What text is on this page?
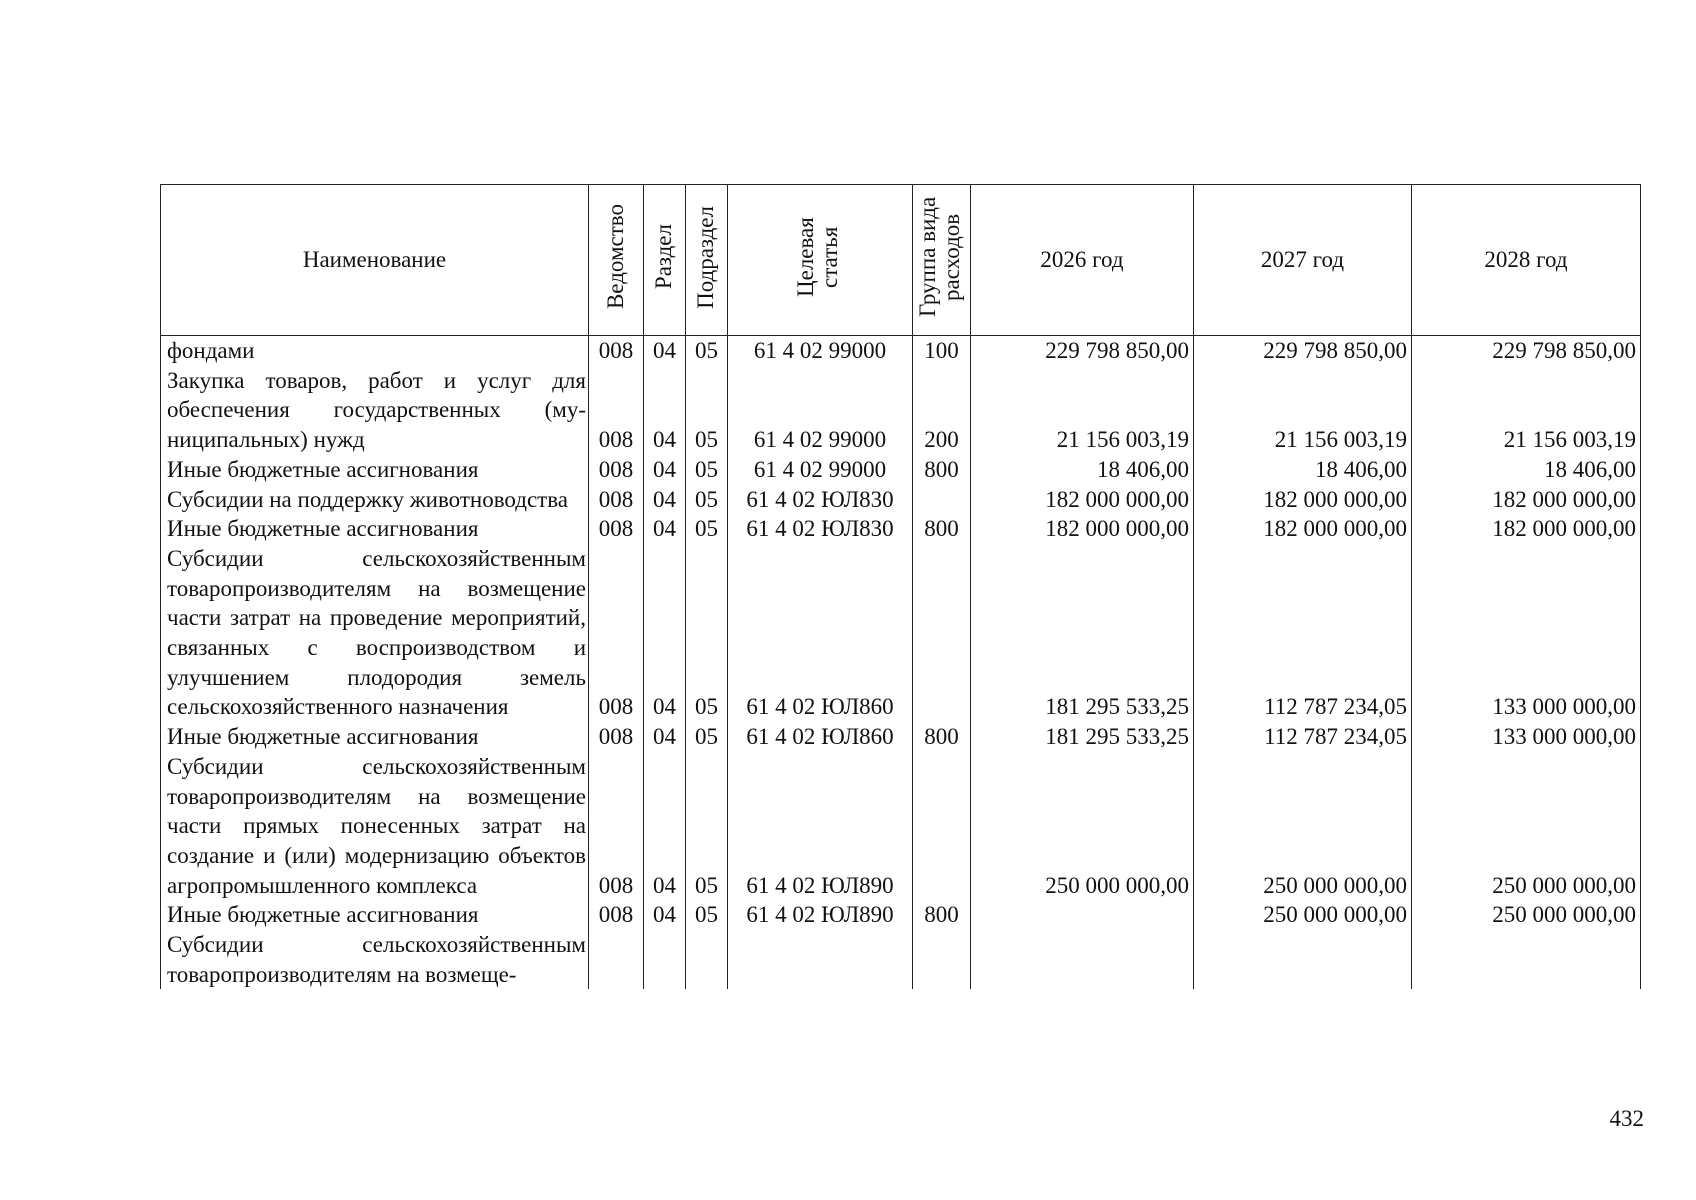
Наименование	Ведомство	Раздел	Подраздел	Целевая статья	Группа вида расходов	2026 год	2027 год	2028 год
фондами	008	04	05	61 4 02 99000	100	229 798 850,00	229 798 850,00	229 798 850,00
Закупка товаров, работ и услуг для обеспечения государственных (муниципальных) нужд	008	04	05	61 4 02 99000	200	21 156 003,19	21 156 003,19	21 156 003,19
Иные бюджетные ассигнования	008	04	05	61 4 02 99000	800	18 406,00	18 406,00	18 406,00
Субсидии на поддержку животноводства	008	04	05	61 4 02 ЮЛ830		182 000 000,00	182 000 000,00	182 000 000,00
Иные бюджетные ассигнования	008	04	05	61 4 02 ЮЛ830	800	182 000 000,00	182 000 000,00	182 000 000,00
Субсидии сельскохозяйственным товаропроизводителям на возмещение части затрат на проведение мероприятий, связанных с воспроизводством и улучшением плодородия земель сельскохозяйственного назначения	008	04	05	61 4 02 ЮЛ860		181 295 533,25	112 787 234,05	133 000 000,00
Иные бюджетные ассигнования	008	04	05	61 4 02 ЮЛ860	800	181 295 533,25	112 787 234,05	133 000 000,00
Субсидии сельскохозяйственным товаропроизводителям на возмещение части прямых понесенных затрат на создание и (или) модернизацию объектов агропромышленного комплекса	008	04	05	61 4 02 ЮЛ890		250 000 000,00	250 000 000,00	250 000 000,00
Иные бюджетные ассигнования	008	04	05	61 4 02 ЮЛ890	800		250 000 000,00	250 000 000,00
Субсидии сельскохозяйственным товаропроизводителям на возмеще-								
432
